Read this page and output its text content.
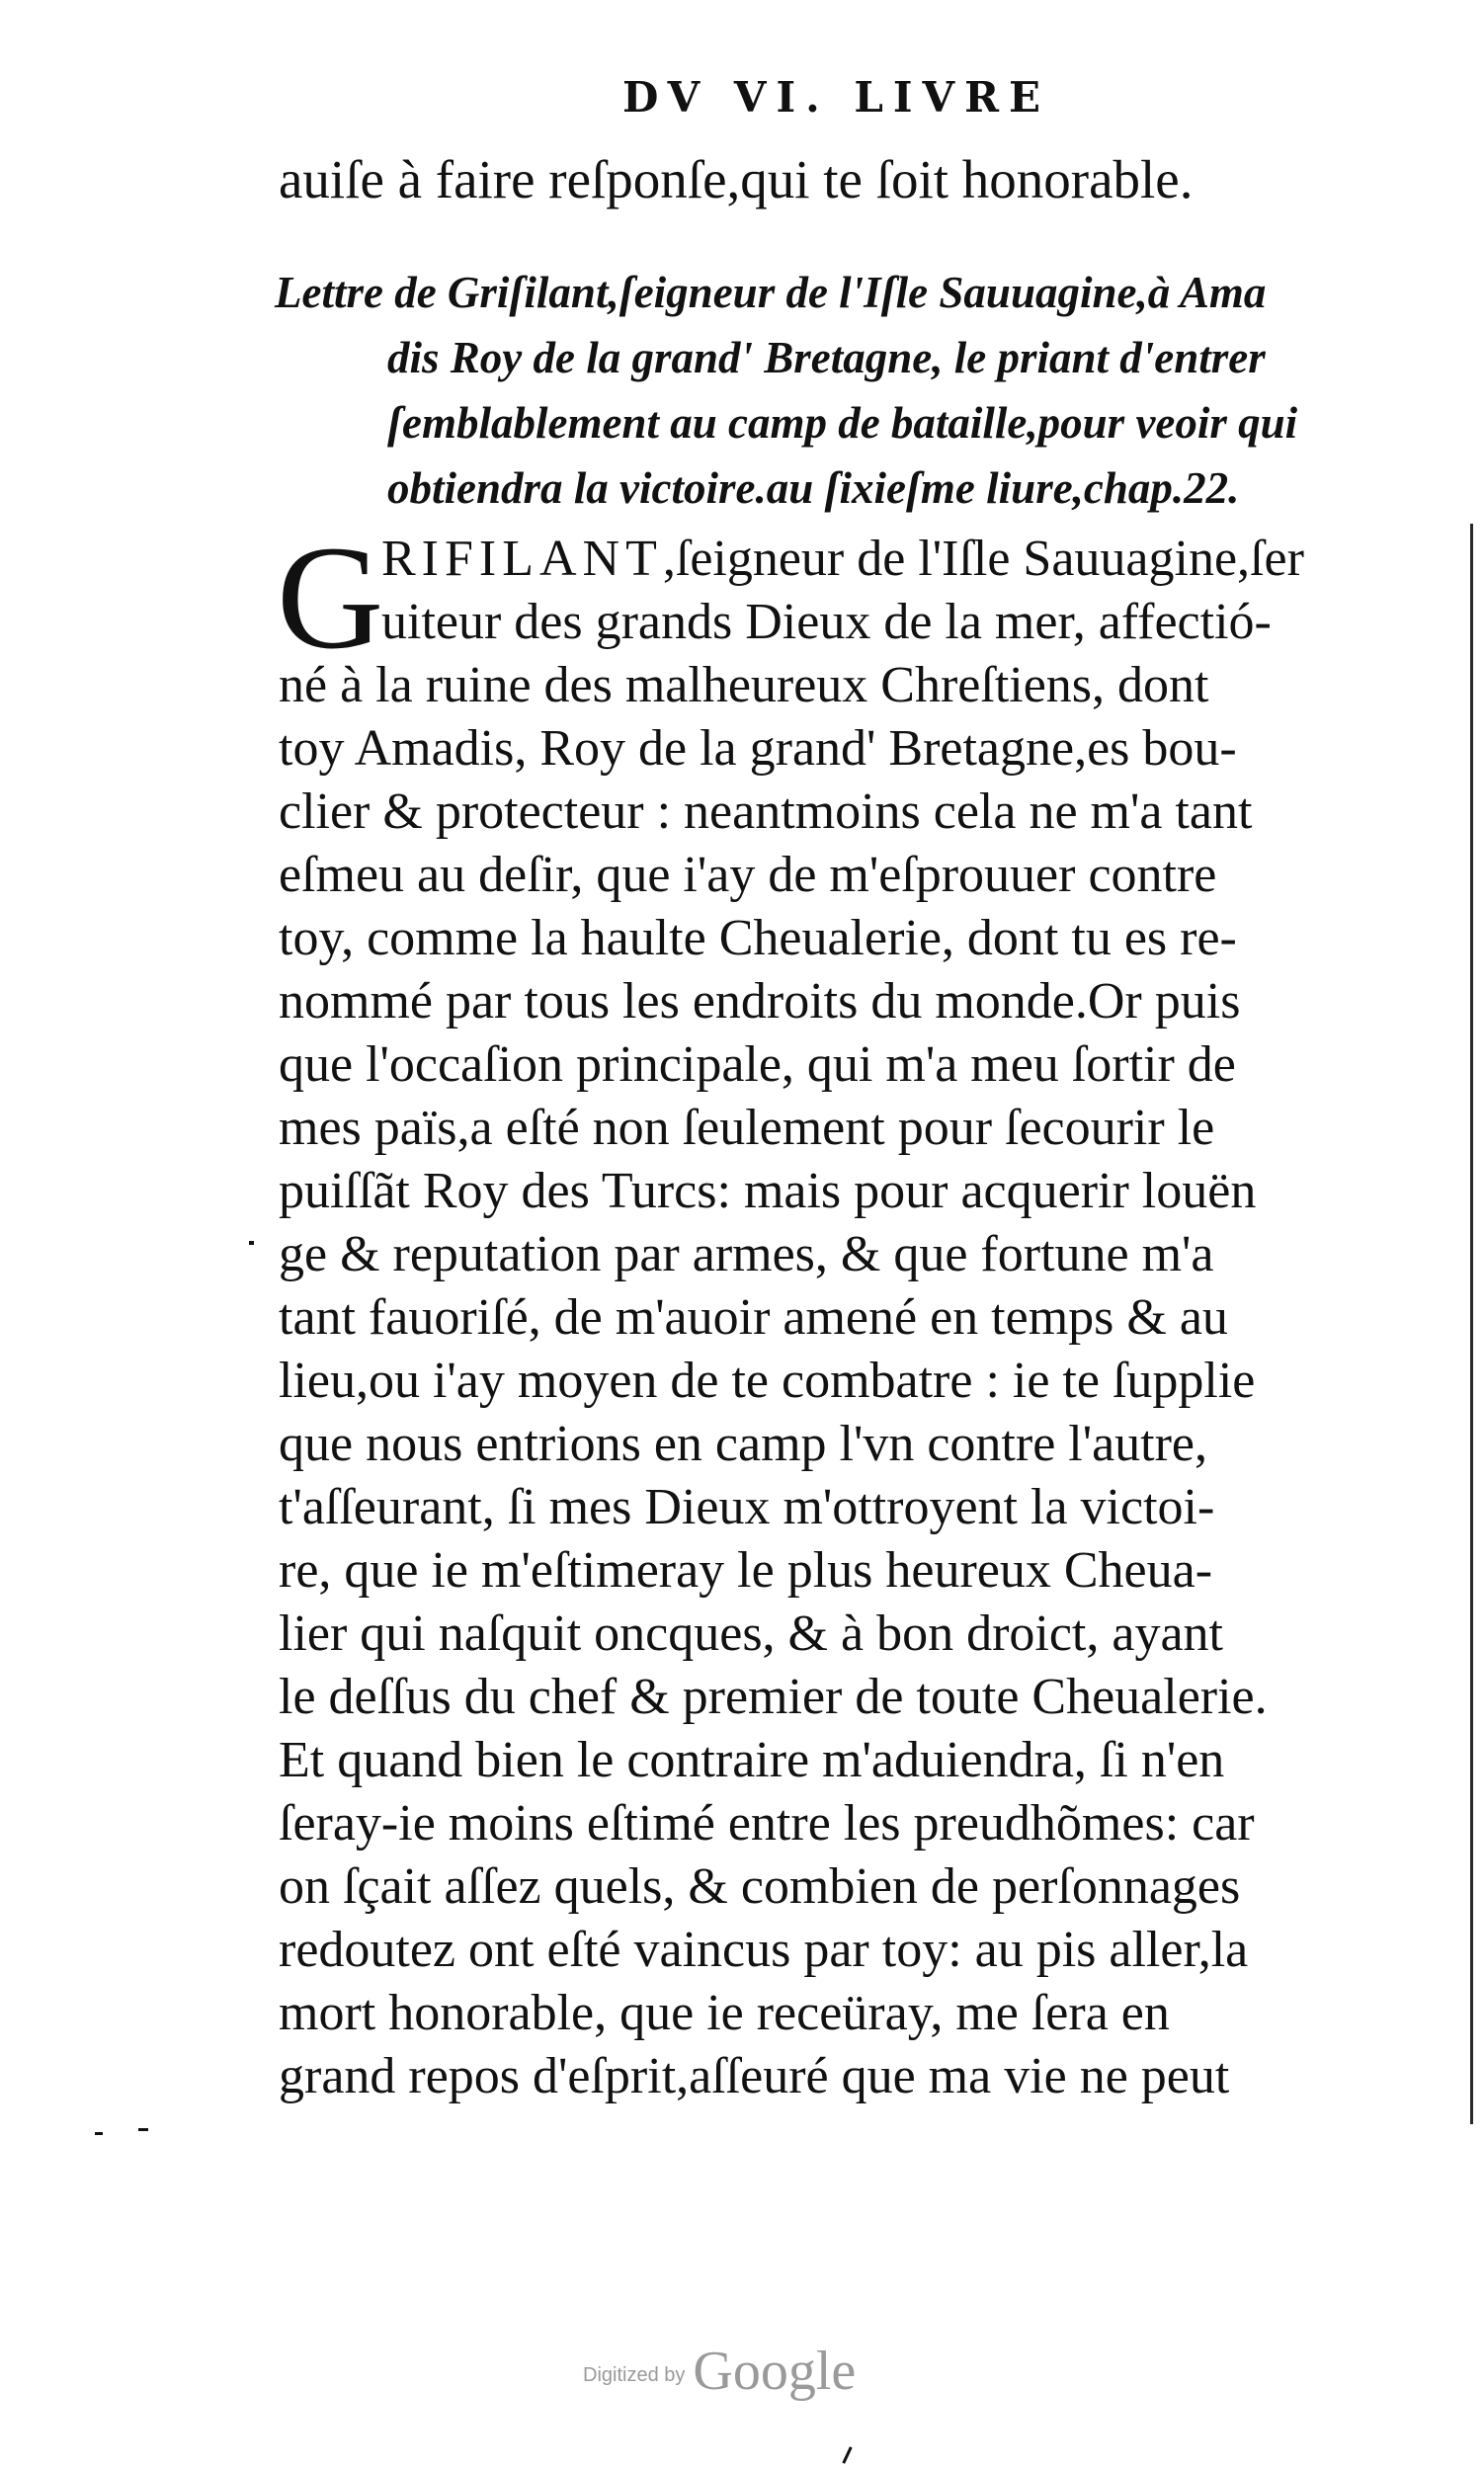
DV VI. LIVRE
auiſe à faire reſponſe,qui te ſoit honorable.
Lettre de Griſilant,ſeigneur de l'Iſle Sauuagine,à Ama
dis Roy de la grand' Bretagne, le priant d'entrer
ſemblablement au camp de bataille,pour veoir qui
obtiendra la victoire.au ſixieſme liure,chap.22.
G
RIFILANT,ſeigneur de l'Iſle Sauuagine,ſer
uiteur des grands Dieux de la mer, affectió-
né à la ruine des malheureux Chreſtiens, dont
toy Amadis, Roy de la grand' Bretagne,es bou-
clier & protecteur : neantmoins cela ne m'a tant
eſmeu au deſir, que i'ay de m'eſprouuer contre
toy, comme la haulte Cheualerie, dont tu es re-
nommé par tous les endroits du monde.Or puis
que l'occaſion principale, qui m'a meu ſortir de
mes païs,a eſté non ſeulement pour ſecourir le
puiſſãt Roy des Turcs: mais pour acquerir louën
ge & reputation par armes, & que fortune m'a
tant fauoriſé, de m'auoir amené en temps & au
lieu,ou i'ay moyen de te combatre : ie te ſupplie
que nous entrions en camp l'vn contre l'autre,
t'aſſeurant, ſi mes Dieux m'ottroyent la victoi-
re, que ie m'eſtimeray le plus heureux Cheua-
lier qui naſquit oncques, & à bon droict, ayant
le deſſus du chef & premier de toute Cheualerie.
Et quand bien le contraire m'aduiendra, ſi n'en
ſeray-ie moins eſtimé entre les preudhõmes: car
on ſçait aſſez quels, & combien de perſonnages
redoutez ont eſté vaincus par toy: au pis aller,la
mort honorable, que ie receüray, me ſera en
grand repos d'eſprit,aſſeuré que ma vie ne peut
Digitized by Google
